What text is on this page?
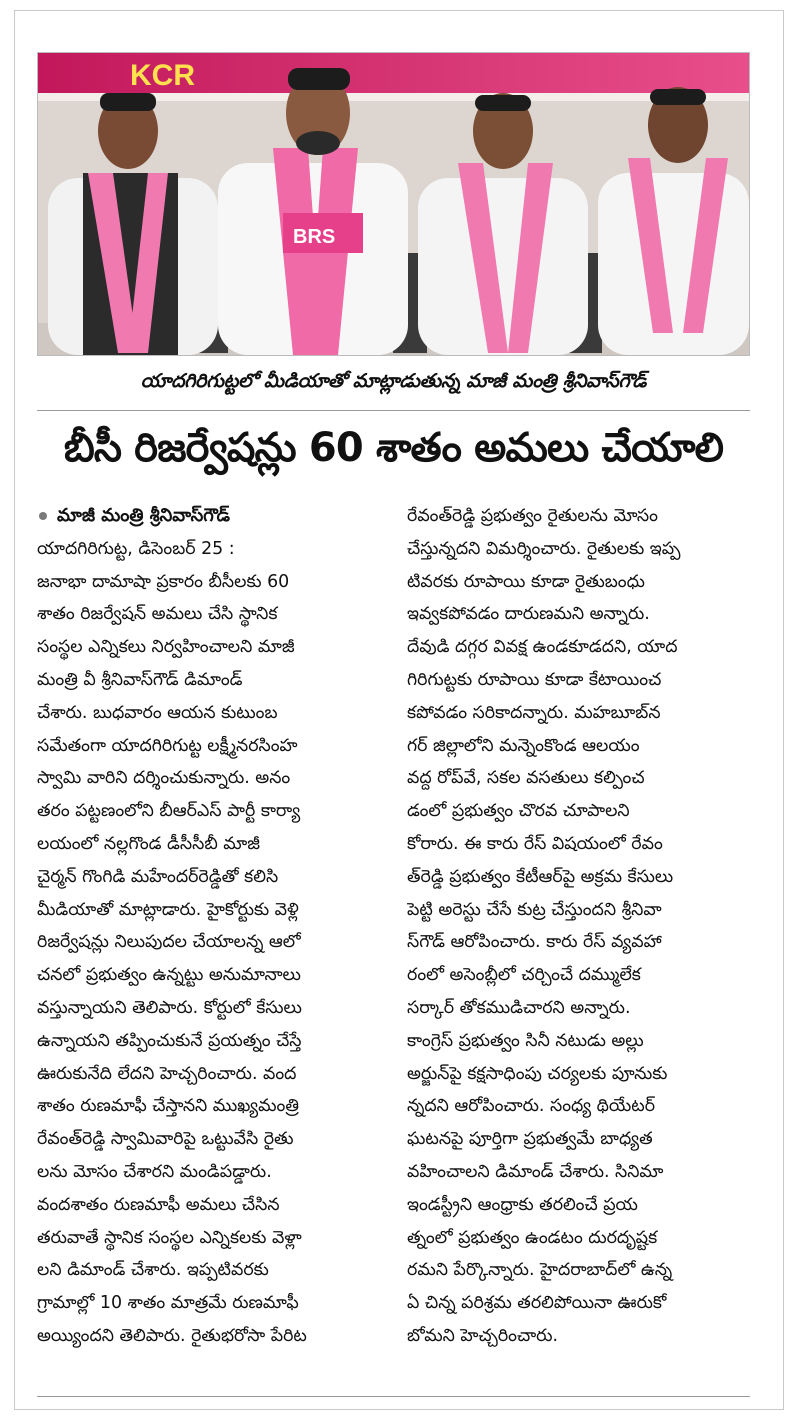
KCR
BRS
యాదగిరిగుట్టలో మీడియాతో మాట్లాడుతున్న మాజీ మంత్రి శ్రీనివాస్‌గౌడ్‌
బీసీ రిజర్వేషన్లు 60 శాతం అమలు చేయాలి
మాజీ మంత్రి శ్రీనివాస్‌గౌడ్‌
యాదగిరిగుట్ట, డిసెంబర్ 25 :
జనాభా దామాషా ప్రకారం బీసీలకు 60
శాతం రిజర్వేషన్ అమలు చేసి స్థానిక
సంస్థల ఎన్నికలు నిర్వహించాలని మాజీ
మంత్రి వీ శ్రీనివాస్‌గౌడ్ డిమాండ్
చేశారు. బుధవారం ఆయన కుటుంబ
సమేతంగా యాదగిరిగుట్ట లక్ష్మీనరసింహ
స్వామి వారిని దర్శించుకున్నారు. అనం
తరం పట్టణంలోని బీఆర్ఎస్ పార్టీ కార్యా
లయంలో నల్లగొండ డీసీసీబీ మాజీ
చైర్మన్ గొంగిడి మహేందర్‌రెడ్డితో కలిసి
మీడియాతో మాట్లాడారు. హైకోర్టుకు వెళ్లి
రిజర్వేషన్లు నిలుపుదల చేయాలన్న ఆలో
చనలో ప్రభుత్వం ఉన్నట్టు అనుమానాలు
వస్తున్నాయని తెలిపారు. కోర్టులో కేసులు
ఉన్నాయని తప్పించుకునే ప్రయత్నం చేస్తే
ఊరుకునేది లేదని హెచ్చరించారు. వంద
శాతం రుణమాఫీ చేస్తానని ముఖ్యమంత్రి
రేవంత్‌రెడ్డి స్వామివారిపై ఒట్టువేసి రైతు
లను మోసం చేశారని మండిపడ్డారు.
వందశాతం రుణమాఫీ అమలు చేసిన
తరువాతే స్థానిక సంస్థల ఎన్నికలకు వెళ్లా
లని డిమాండ్ చేశారు. ఇప్పటివరకు
గ్రామాల్లో 10 శాతం మాత్రమే రుణమాఫీ
అయ్యిందని తెలిపారు. రైతుభరోసా పేరిట
రేవంత్‌రెడ్డి ప్రభుత్వం రైతులను మోసం
చేస్తున్నదని విమర్శించారు. రైతులకు ఇప్ప
టివరకు రూపాయి కూడా రైతుబంధు
ఇవ్వకపోవడం దారుణమని అన్నారు.
దేవుడి దగ్గర వివక్ష ఉండకూడదని, యాద
గిరిగుట్టకు రూపాయి కూడా కేటాయించ
కపోవడం సరికాదన్నారు. మహబూబ్‌న
గర్ జిల్లాలోని మన్నెంకొండ ఆలయం
వద్ద రోప్‌వే, సకల వసతులు కల్పించ
డంలో ప్రభుత్వం చొరవ చూపాలని
కోరారు. ఈ కారు రేస్ విషయంలో రేవం
త్‌రెడ్డి ప్రభుత్వం కేటీఆర్‌పై అక్రమ కేసులు
పెట్టి అరెస్టు చేసే కుట్ర చేస్తుందని శ్రీనివా
స్‌గౌడ్ ఆరోపించారు. కారు రేస్ వ్యవహా
రంలో అసెంబ్లీలో చర్చించే దమ్ములేక
సర్కార్ తోకముడిచారని అన్నారు.
కాంగ్రెస్ ప్రభుత్వం సినీ నటుడు అల్లు
అర్జున్‌పై కక్షసాధింపు చర్యలకు పూనుకు
న్నదని ఆరోపించారు. సంధ్య థియేటర్
ఘటనపై పూర్తిగా ప్రభుత్వమే బాధ్యత
వహించాలని డిమాండ్ చేశారు. సినిమా
ఇండస్ట్రీని ఆంధ్రాకు తరలించే ప్రయ
త్నంలో ప్రభుత్వం ఉండటం దురదృష్టక
రమని పేర్కొన్నారు. హైదరాబాద్‌లో ఉన్న
ఏ చిన్న పరిశ్రమ తరలిపోయినా ఊరుకో
బోమని హెచ్చరించారు.
